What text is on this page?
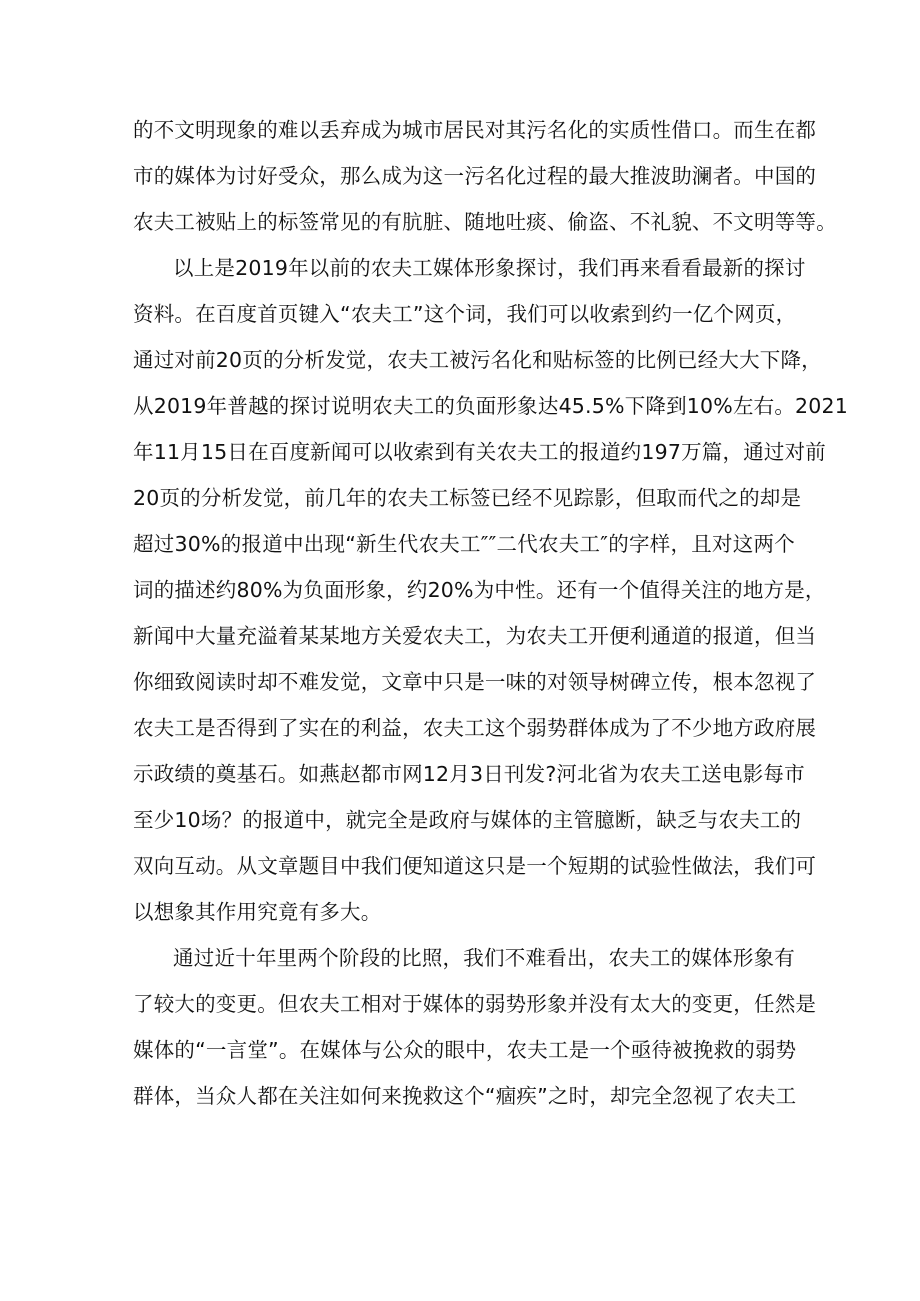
的不文明现象的难以丢弃成为城市居民对其污名化的实质性借口。而生在都
市的媒体为讨好受众，那么成为这一污名化过程的最大推波助澜者。中国的
农夫工被贴上的标签常见的有肮脏、随地吐痰、偷盗、不礼貌、不文明等等。
以上是2019年以前的农夫工媒体形象探讨，我们再来看看最新的探讨
资料。在百度首页键入“农夫工”这个词，我们可以收索到约一亿个网页，
通过对前20页的分析发觉，农夫工被污名化和贴标签的比例已经大大下降，
从2019年普越的探讨说明农夫工的负面形象达45.5%下降到10%左右。2021
年11月15日在百度新闻可以收索到有关农夫工的报道约197万篇，通过对前
20页的分析发觉，前几年的农夫工标签已经不见踪影，但取而代之的却是
超过30%的报道中出现“新生代农夫工″″二代农夫工″的字样，且对这两个
词的描述约80%为负面形象，约20%为中性。还有一个值得关注的地方是，
新闻中大量充溢着某某地方关爱农夫工，为农夫工开便利通道的报道，但当
你细致阅读时却不难发觉，文章中只是一味的对领导树碑立传，根本忽视了
农夫工是否得到了实在的利益，农夫工这个弱势群体成为了不少地方政府展
示政绩的奠基石。如燕赵都市网12月3日刊发?河北省为农夫工送电影每市
至少10场？的报道中，就完全是政府与媒体的主管臆断，缺乏与农夫工的
双向互动。从文章题目中我们便知道这只是一个短期的试验性做法，我们可
以想象其作用究竟有多大。
通过近十年里两个阶段的比照，我们不难看出，农夫工的媒体形象有
了较大的变更。但农夫工相对于媒体的弱势形象并没有太大的变更，任然是
媒体的“一言堂”。在媒体与公众的眼中，农夫工是一个亟待被挽救的弱势
群体，当众人都在关注如何来挽救这个“痼疾”之时，却完全忽视了农夫工
